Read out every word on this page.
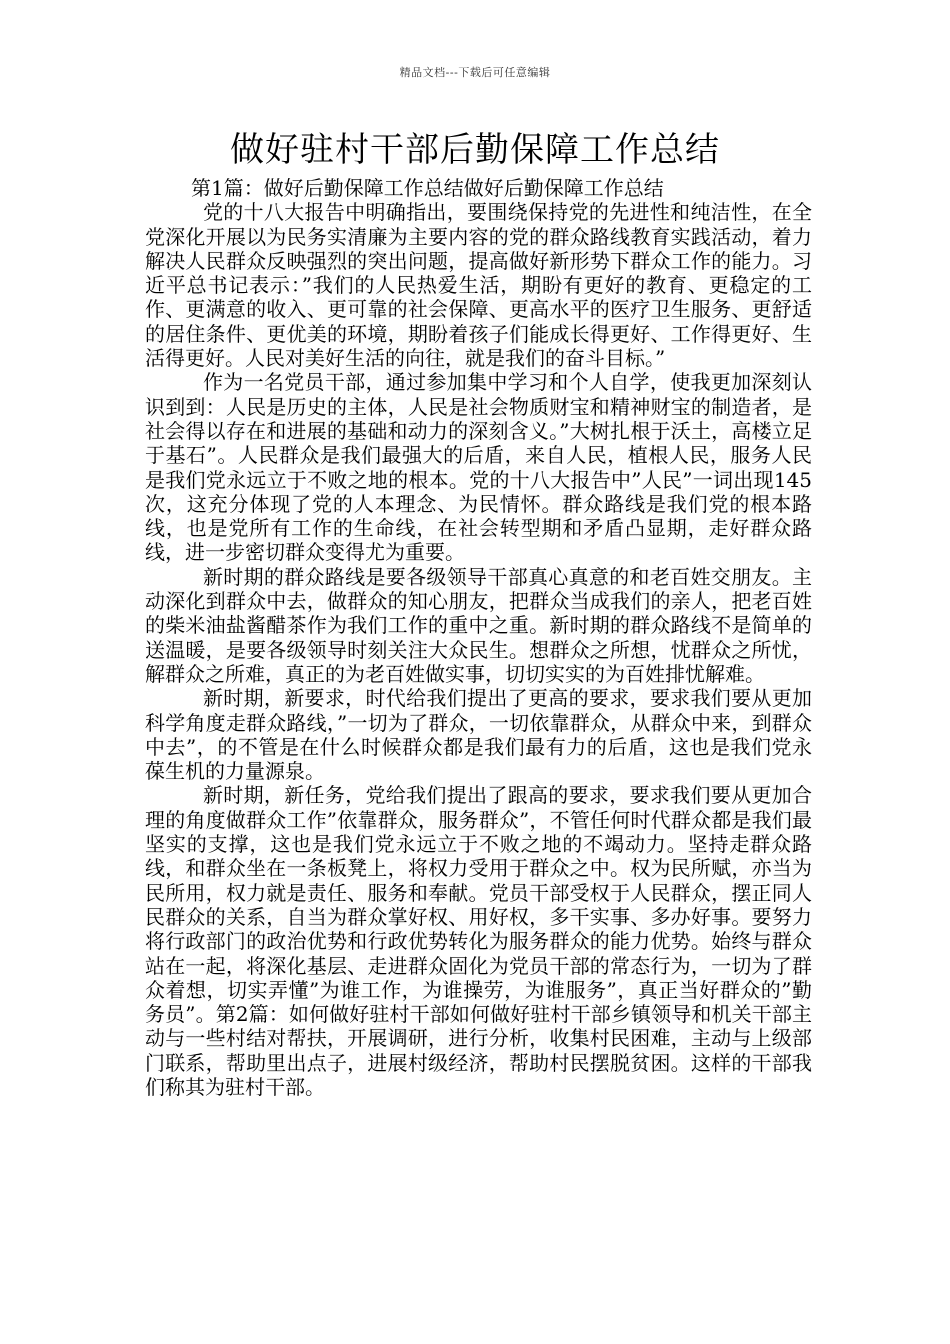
精品文档---下载后可任意编辑
做好驻村干部后勤保障工作总结

第1篇：做好后勤保障工作总结做好后勤保障工作总结

党的十八大报告中明确指出，要围绕保持党的先进性和纯洁性，在全党深化开展以为民务实清廉为主要内容的党的群众路线教育实践活动，着力解决人民群众反映强烈的突出问题，提高做好新形势下群众工作的能力。习近平总书记表示：”我们的人民热爱生活，期盼有更好的教育、更稳定的工作、更满意的收入、更可靠的社会保障、更高水平的医疗卫生服务、更舒适的居住条件、更优美的环境，期盼着孩子们能成长得更好、工作得更好、生活得更好。人民对美好生活的向往，就是我们的奋斗目标。”

作为一名党员干部，通过参加集中学习和个人自学，使我更加深刻认识到到：人民是历史的主体，人民是社会物质财宝和精神财宝的制造者，是社会得以存在和进展的基础和动力的深刻含义。”大树扎根于沃土，高楼立足于基石”。人民群众是我们最强大的后盾，来自人民，植根人民，服务人民是我们党永远立于不败之地的根本。党的十八大报告中”人民”一词出现145次，这充分体现了党的人本理念、为民情怀。群众路线是我们党的根本路线，也是党所有工作的生命线，在社会转型期和矛盾凸显期，走好群众路线，进一步密切群众变得尤为重要。

新时期的群众路线是要各级领导干部真心真意的和老百姓交朋友。主动深化到群众中去，做群众的知心朋友，把群众当成我们的亲人，把老百姓的柴米油盐酱醋茶作为我们工作的重中之重。新时期的群众路线不是简单的送温暖，是要各级领导时刻关注大众民生。想群众之所想，忧群众之所忧，解群众之所难，真正的为老百姓做实事，切切实实的为百姓排忧解难。

新时期，新要求，时代给我们提出了更高的要求，要求我们要从更加科学角度走群众路线，”一切为了群众，一切依靠群众，从群众中来，到群众中去”，的不管是在什么时候群众都是我们最有力的后盾，这也是我们党永葆生机的力量源泉。

新时期，新任务，党给我们提出了跟高的要求，要求我们要从更加合理的角度做群众工作”依靠群众，服务群众”，不管任何时代群众都是我们最坚实的支撑，这也是我们党永远立于不败之地的不竭动力。坚持走群众路线，和群众坐在一条板凳上，将权力受用于群众之中。权为民所赋，亦当为民所用，权力就是责任、服务和奉献。党员干部受权于人民群众，摆正同人民群众的关系，自当为群众掌好权、用好权，多干实事、多办好事。要努力将行政部门的政治优势和行政优势转化为服务群众的能力优势。始终与群众站在一起，将深化基层、走进群众固化为党员干部的常态行为，一切为了群众着想，切实弄懂”为谁工作，为谁操劳，为谁服务”，真正当好群众的”勤务员”。第2篇：如何做好驻村干部如何做好驻村干部乡镇领导和机关干部主动与一些村结对帮扶，开展调研，进行分析，收集村民困难，主动与上级部门联系，帮助里出点子，进展村级经济，帮助村民摆脱贫困。这样的干部我们称其为驻村干部。
